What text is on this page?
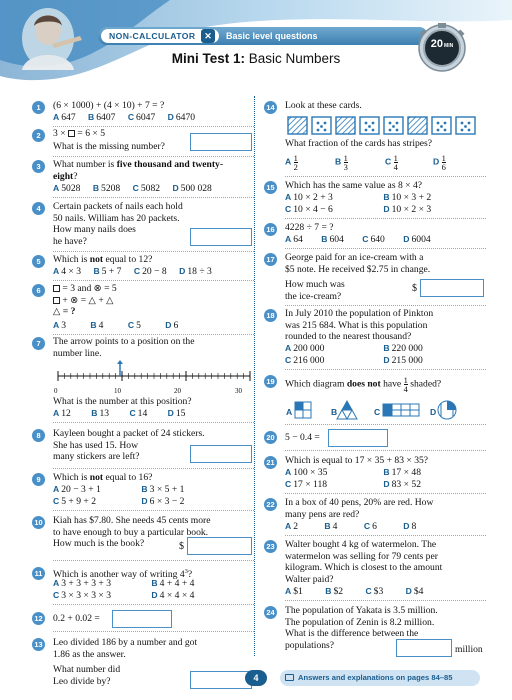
NON-CALCULATOR ✕	Basic level questions
Mini Test 1: Basic Numbers
20MIN
1	(6 × 1000) + (4 × 10) + 7 = ?
A 647 B 6407 C 6047 D 6470
2	3 ×  = 6 × 5
What is the missing number?
3	What number is five thousand and twenty-eight?
A 5028 B 5208 C 5082 D 500 028
4	Certain packets of nails each hold
50 nails. William has 20 packets.
How many nails does
he have?
5	Which is not equal to 12?
A 4 × 3 B 5 + 7 C 20 − 8 D 18 ÷ 3
6	= 3 and ⊗ = 5
+ ⊗ = △ + △
△ = ?
A 3	B 4	C 5	D 6
7	The arrow points to a position on the
number line.
0	10	20	30
What is the number at this position?
A 12 B 13 C 14 D 15
8	Kayleen bought a packet of 24 stickers.
She has used 15. How
many stickers are left?
9	Which is not equal to 16?
A 20 − 3 + 1	B 3 × 5 + 1
C 5 + 9 + 2	D 6 × 3 − 2
10 Kiah has $7.80. She needs 45 cents more
to have enough to buy a particular book.
How much is the book?	$
11 Which is another way of writing $4^3$?
A 3 + 3 + 3 + 3	B 4 + 4 + 4
C 3 × 3 × 3 × 3	D 4 × 4 × 4
12 0.2 + 0.02 =
13 Leo divided 186 by a number and got
1.86 as the answer.
What number did
Leo divide by?
14 Look at these cards.
What fraction of the cards has stripes?
A $\frac{1}{2}$	B $\frac{1}{3}$	C $\frac{1}{4}$	D $\frac{1}{6}$
15 Which has the same value as 8 × 4?
A 10 × 2 + 3	B 10 × 3 + 2
C 10 × 4 − 6	D 10 × 2 × 3
16 4228 ÷ 7 = ?
A 64 B 604 C 640 D 6004
17 George paid for an ice-cream with a
$5 note. He received $2.75 in change.
How much was
the ice-cream?
$
18 In July 2010 the population of Pinkton
was 215 684. What is this population
rounded to the nearest thousand?
A 200 000	B 220 000
C 216 000	D 215 000
19 Which diagram does not have $\frac{1}{4}$ shaded?
A	B	C	D
20 5 − 0.4 =
21 Which is equal to 17 × 35 + 83 × 35?
A 100 × 35	B 17 × 48
C 17 × 118	D 83 × 52
22 In a box of 40 pens, 20% are red. How
many pens are red?
A 2	B 4	C 6	D 8
23 Walter bought 4 kg of watermelon. The
watermelon was selling for 79 cents per
kilogram. Which is closest to the amount
Walter paid?
A $1	B $2	C $3	D $4
24 The population of Yakata is 3.5 million.
The population of Zenin is 8.2 million.
What is the difference between the
populations?	million
4	Answers and explanations on pages 84–85
